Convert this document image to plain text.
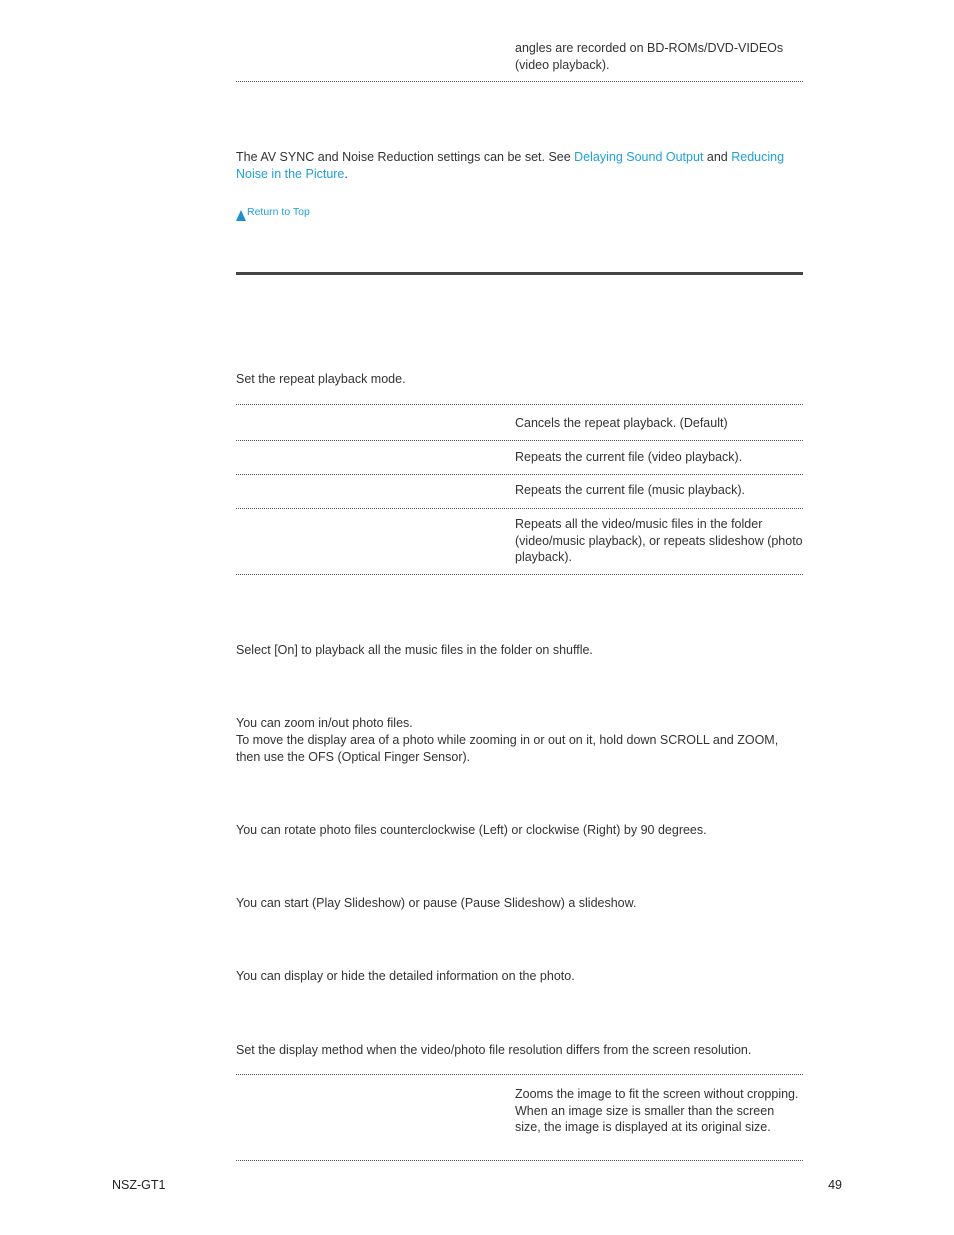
angles are recorded on BD-ROMs/DVD-VIDEOs (video playback).
The AV SYNC and Noise Reduction settings can be set. See Delaying Sound Output and Reducing Noise in the Picture.
Return to Top
Set the repeat playback mode.
Cancels the repeat playback. (Default)
Repeats the current file (video playback).
Repeats the current file (music playback).
Repeats all the video/music files in the folder (video/music playback), or repeats slideshow (photo playback).
Select [On] to playback all the music files in the folder on shuffle.
You can zoom in/out photo files.
To move the display area of a photo while zooming in or out on it, hold down SCROLL and ZOOM, then use the OFS (Optical Finger Sensor).
You can rotate photo files counterclockwise (Left) or clockwise (Right) by 90 degrees.
You can start (Play Slideshow) or pause (Pause Slideshow) a slideshow.
You can display or hide the detailed information on the photo.
Set the display method when the video/photo file resolution differs from the screen resolution.
Zooms the image to fit the screen without cropping. When an image size is smaller than the screen size, the image is displayed at its original size.
NSZ-GT1	49
